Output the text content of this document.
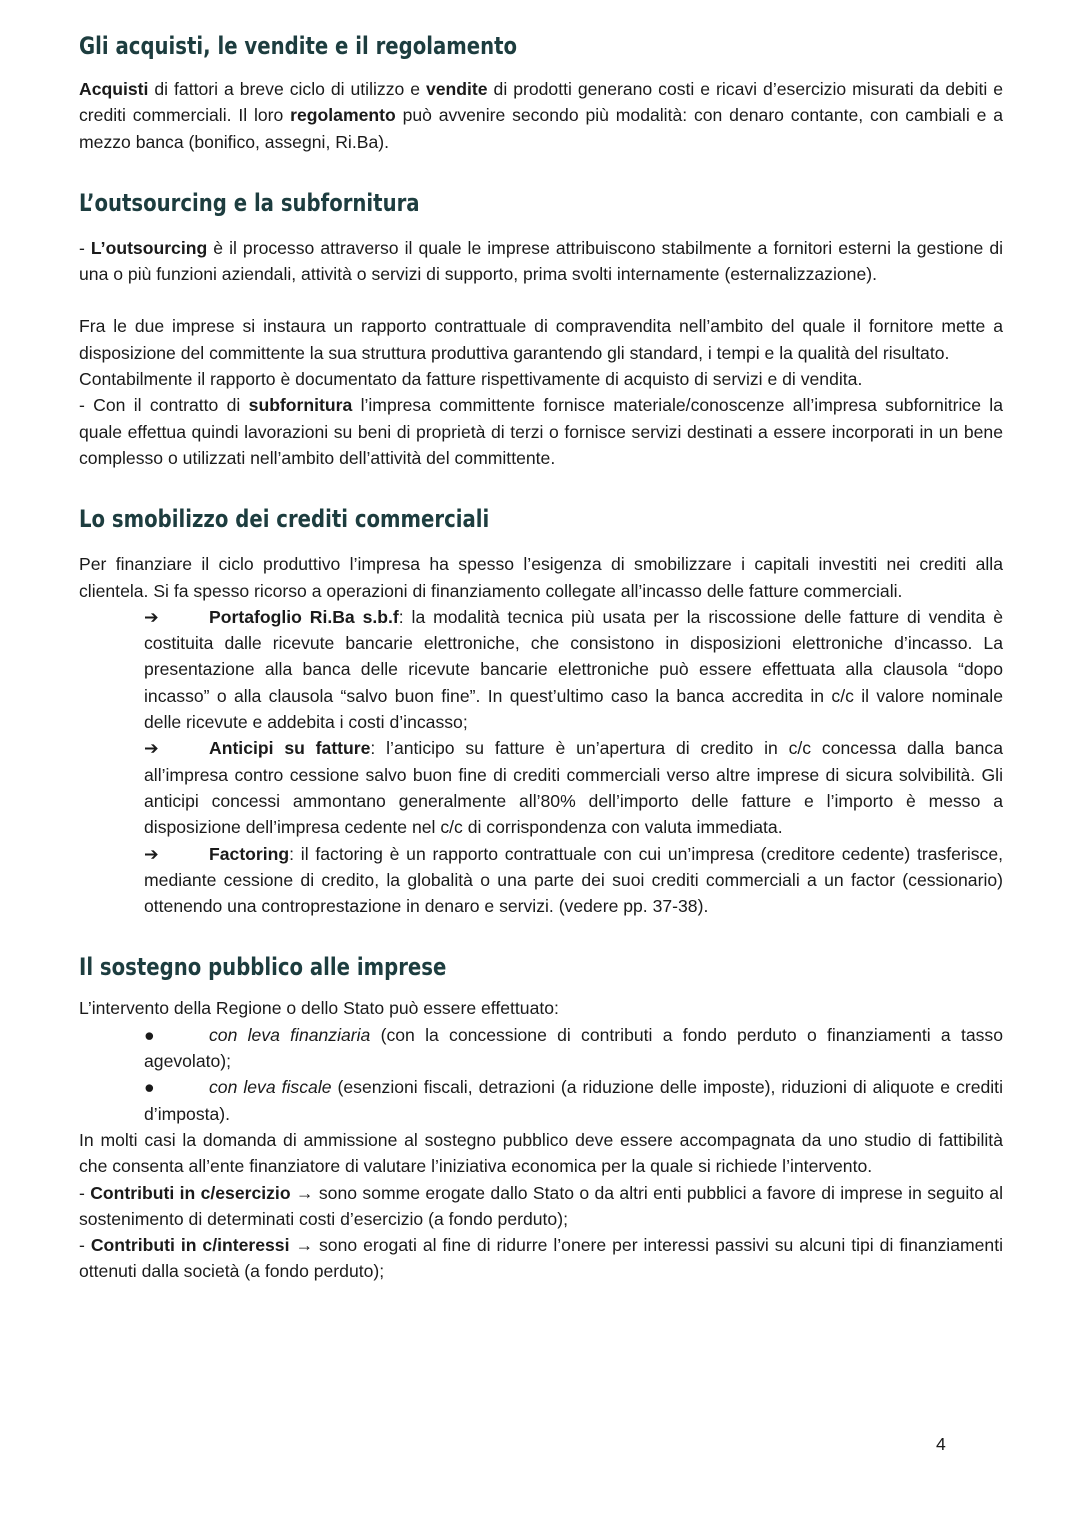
Gli acquisti, le vendite e il regolamento

Acquisti di fattori a breve ciclo di utilizzo e vendite di prodotti generano costi e ricavi d’esercizio misurati da debiti e crediti commerciali. Il loro regolamento può avvenire secondo più modalità: con denaro contante, con cambiali e a mezzo banca (bonifico, assegni, Ri.Ba).

L’outsourcing e la subfornitura

- L’outsourcing è il processo attraverso il quale le imprese attribuiscono stabilmente a fornitori esterni la gestione di una o più funzioni aziendali, attività o servizi di supporto, prima svolti internamente (esternalizzazione).

Fra le due imprese si instaura un rapporto contrattuale di compravendita nell’ambito del quale il fornitore mette a disposizione del committente la sua struttura produttiva garantendo gli standard, i tempi e la qualità del risultato.

Contabilmente il rapporto è documentato da fatture rispettivamente di acquisto di servizi e di vendita.

- Con il contratto di subfornitura l’impresa committente fornisce materiale/conoscenze all’impresa subfornitrice la quale effettua quindi lavorazioni su beni di proprietà di terzi o fornisce servizi destinati a essere incorporati in un bene complesso o utilizzati nell’ambito dell’attività del committente.

Lo smobilizzo dei crediti commerciali

Per finanziare il ciclo produttivo l’impresa ha spesso l’esigenza di smobilizzare i capitali investiti nei crediti alla clientela. Si fa spesso ricorso a operazioni di finanziamento collegate all’incasso delle fatture commerciali.

➔	Portafoglio Ri.Ba s.b.f: la modalità tecnica più usata per la riscossione delle fatture di vendita è costituita dalle ricevute bancarie elettroniche, che consistono in disposizioni elettroniche d’incasso. La presentazione alla banca delle ricevute bancarie elettroniche può essere effettuata alla clausola “dopo incasso” o alla clausola “salvo buon fine”. In quest’ultimo caso la banca accredita in c/c il valore nominale delle ricevute e addebita i costi d’incasso;
➔	Anticipi su fatture: l’anticipo su fatture è un’apertura di credito in c/c concessa dalla banca all’impresa contro cessione salvo buon fine di crediti commerciali verso altre imprese di sicura solvibilità. Gli anticipi concessi ammontano generalmente all’80% dell’importo delle fatture e l’importo è messo a disposizione dell’impresa cedente nel c/c di corrispondenza con valuta immediata.
➔	Factoring: il factoring è un rapporto contrattuale con cui un’impresa (creditore cedente) trasferisce, mediante cessione di credito, la globalità o una parte dei suoi crediti commerciali a un factor (cessionario) ottenendo una controprestazione in denaro e servizi. (vedere pp. 37-38).
Il sostegno pubblico alle imprese

L’intervento della Regione o dello Stato può essere effettuato:

●	con leva finanziaria (con la concessione di contributi a fondo perduto o finanziamenti a tasso agevolato);
●	con leva fiscale (esenzioni fiscali, detrazioni (a riduzione delle imposte), riduzioni di aliquote e crediti d’imposta).

In molti casi la domanda di ammissione al sostegno pubblico deve essere accompagnata da uno studio di fattibilità che consenta all’ente finanziatore di valutare l’iniziativa economica per la quale si richiede l’intervento.

- Contributi in c/esercizio → sono somme erogate dallo Stato o da altri enti pubblici a favore di imprese in seguito al sostenimento di determinati costi d’esercizio (a fondo perduto);

- Contributi in c/interessi → sono erogati al fine di ridurre l’onere per interessi passivi su alcuni tipi di finanziamenti ottenuti dalla società (a fondo perduto);

4
